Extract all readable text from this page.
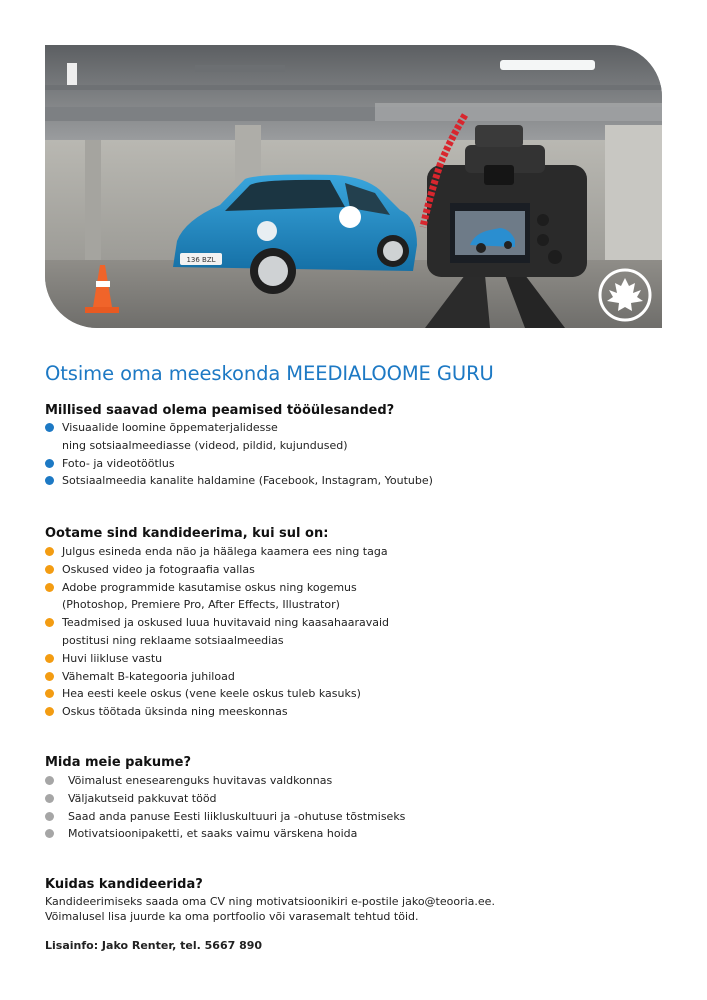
136 BZL
Otsime oma meeskonda MEEDIALOOME GURU
Millised saavad olema peamised tööülesanded?
Visuaalide loomine õppematerjalidesse
ning sotsiaalmeediasse (videod, pildid, kujundused)
Foto- ja videotöötlus
Sotsiaalmeedia kanalite haldamine (Facebook, Instagram, Youtube)
Ootame sind kandideerima, kui sul on:
Julgus esineda enda näo ja häälega kaamera ees ning taga
Oskused video ja fotograafia vallas
Adobe programmide kasutamise oskus ning kogemus
(Photoshop, Premiere Pro, After Effects, Illustrator)
Teadmised ja oskused luua huvitavaid ning kaasahaaravaid
postitusi ning reklaame sotsiaalmeedias
Huvi liikluse vastu
Vähemalt B-kategooria juhiload
Hea eesti keele oskus (vene keele oskus tuleb kasuks)
Oskus töötada üksinda ning meeskonnas
Mida meie pakume?
Võimalust enesearenguks huvitavas valdkonnas
Väljakutseid pakkuvat tööd
Saad anda panuse Eesti liikluskultuuri ja -ohutuse tõstmiseks
Motivatsioonipaketti, et saaks vaimu värskena hoida
Kuidas kandideerida?

Kandideerimiseks saada oma CV ning motivatsioonikiri e-postile jako@teooria.ee.
Võimalusel lisa juurde ka oma portfoolio või varasemalt tehtud töid.

Lisainfo: Jako Renter, tel. 5667 890
